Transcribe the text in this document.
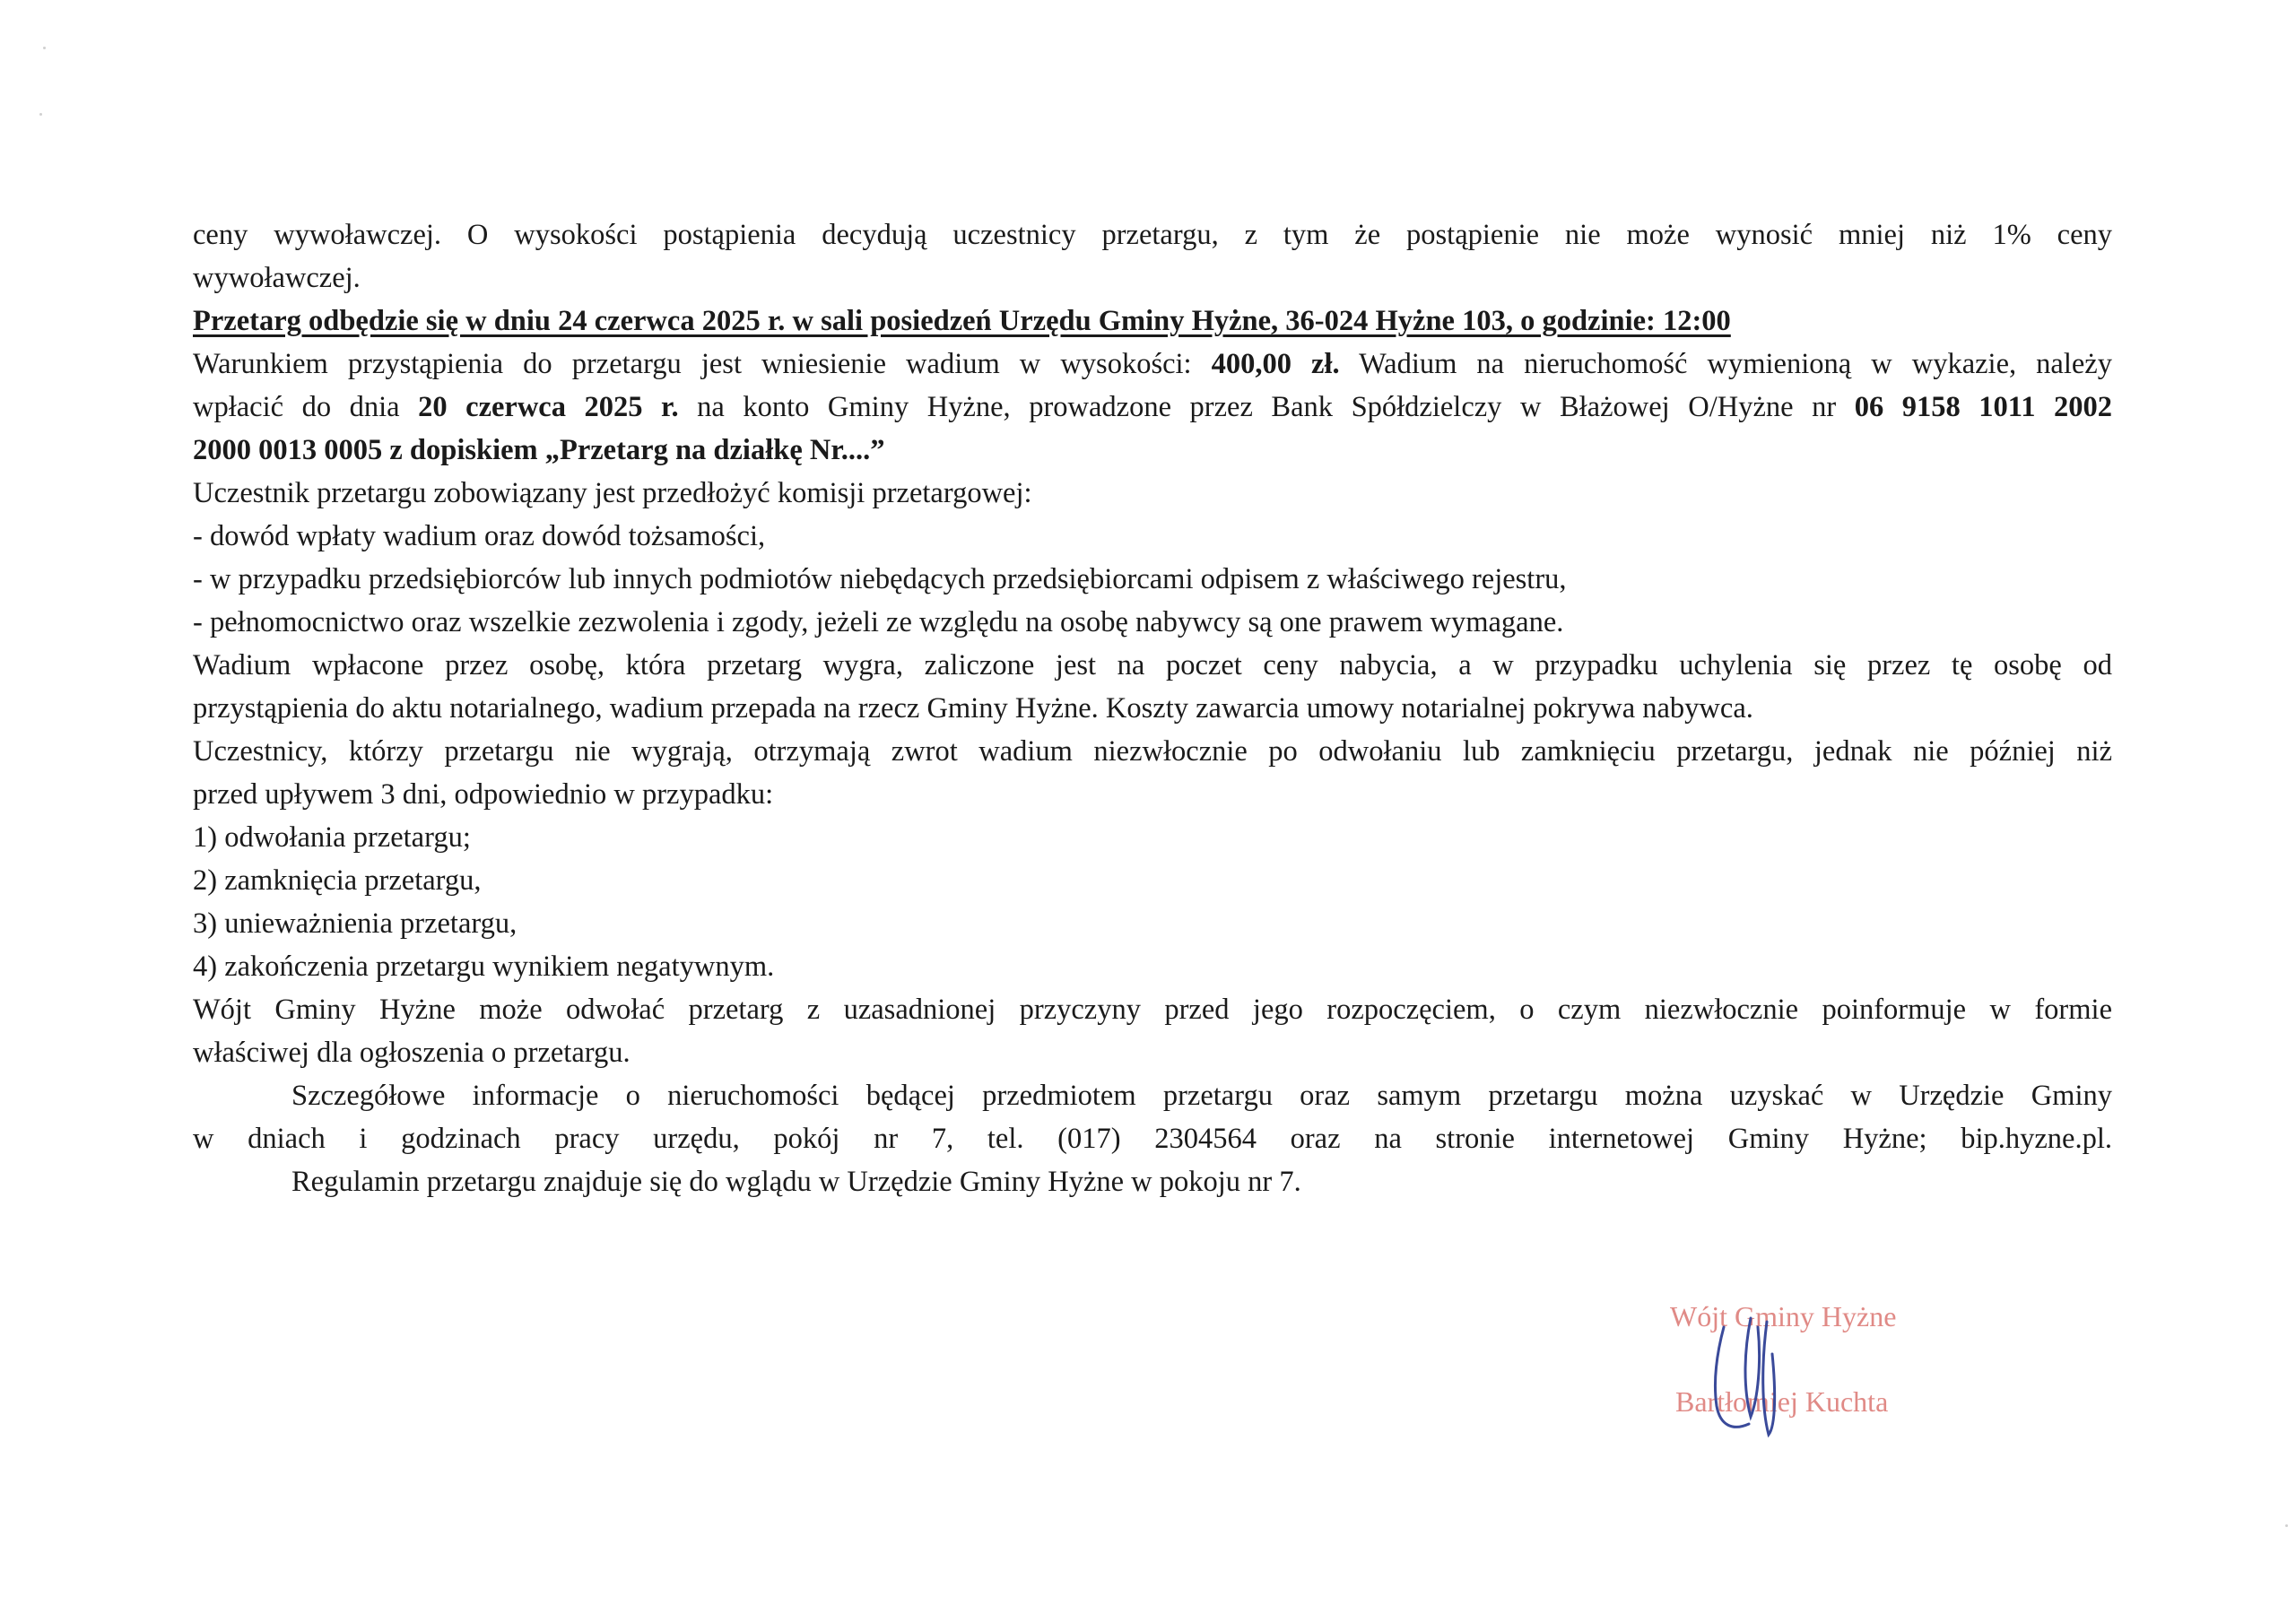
ceny wywoławczej. O wysokości postąpienia decydują uczestnicy przetargu, z tym że postąpienie nie może wynosić mniej niż 1% ceny
wywoławczej.
Przetarg odbędzie się w dniu 24 czerwca 2025 r. w sali posiedzeń Urzędu Gminy Hyżne, 36-024 Hyżne 103, o godzinie: 12:00
Warunkiem przystąpienia do przetargu jest wniesienie wadium w wysokości: 400,00 zł. Wadium na nieruchomość wymienioną w wykazie, należy
wpłacić do dnia 20 czerwca 2025 r. na konto Gminy Hyżne, prowadzone przez Bank Spółdzielczy w Błażowej O/Hyżne nr 06 9158 1011 2002
2000 0013 0005 z dopiskiem „Przetarg na działkę Nr....”
Uczestnik przetargu zobowiązany jest przedłożyć komisji przetargowej:
- dowód wpłaty wadium oraz dowód tożsamości,
- w przypadku przedsiębiorców lub innych podmiotów niebędących przedsiębiorcami odpisem z właściwego rejestru,
- pełnomocnictwo oraz wszelkie zezwolenia i zgody, jeżeli ze względu na osobę nabywcy są one prawem wymagane.
Wadium wpłacone przez osobę, która przetarg wygra, zaliczone jest na poczet ceny nabycia, a w przypadku uchylenia się przez tę osobę od
przystąpienia do aktu notarialnego, wadium przepada na rzecz Gminy Hyżne. Koszty zawarcia umowy notarialnej pokrywa nabywca.
Uczestnicy, którzy przetargu nie wygrają, otrzymają zwrot wadium niezwłocznie po odwołaniu lub zamknięciu przetargu, jednak nie później niż
przed upływem 3 dni, odpowiednio w przypadku:
1) odwołania przetargu;
2) zamknięcia przetargu,
3) unieważnienia przetargu,
4) zakończenia przetargu wynikiem negatywnym.
Wójt Gminy Hyżne może odwołać przetarg z uzasadnionej przyczyny przed jego rozpoczęciem, o czym niezwłocznie poinformuje w formie
właściwej dla ogłoszenia o przetargu.
Szczegółowe informacje o nieruchomości będącej przedmiotem przetargu oraz samym przetargu można uzyskać w Urzędzie Gminy
w dniach i godzinach pracy urzędu, pokój nr 7, tel. (017) 2304564 oraz na stronie internetowej Gminy Hyżne; bip.hyzne.pl.
Regulamin przetargu znajduje się do wglądu w Urzędzie Gminy Hyżne w pokoju nr 7.
Wójt Gminy Hyżne
Bartłomiej Kuchta
